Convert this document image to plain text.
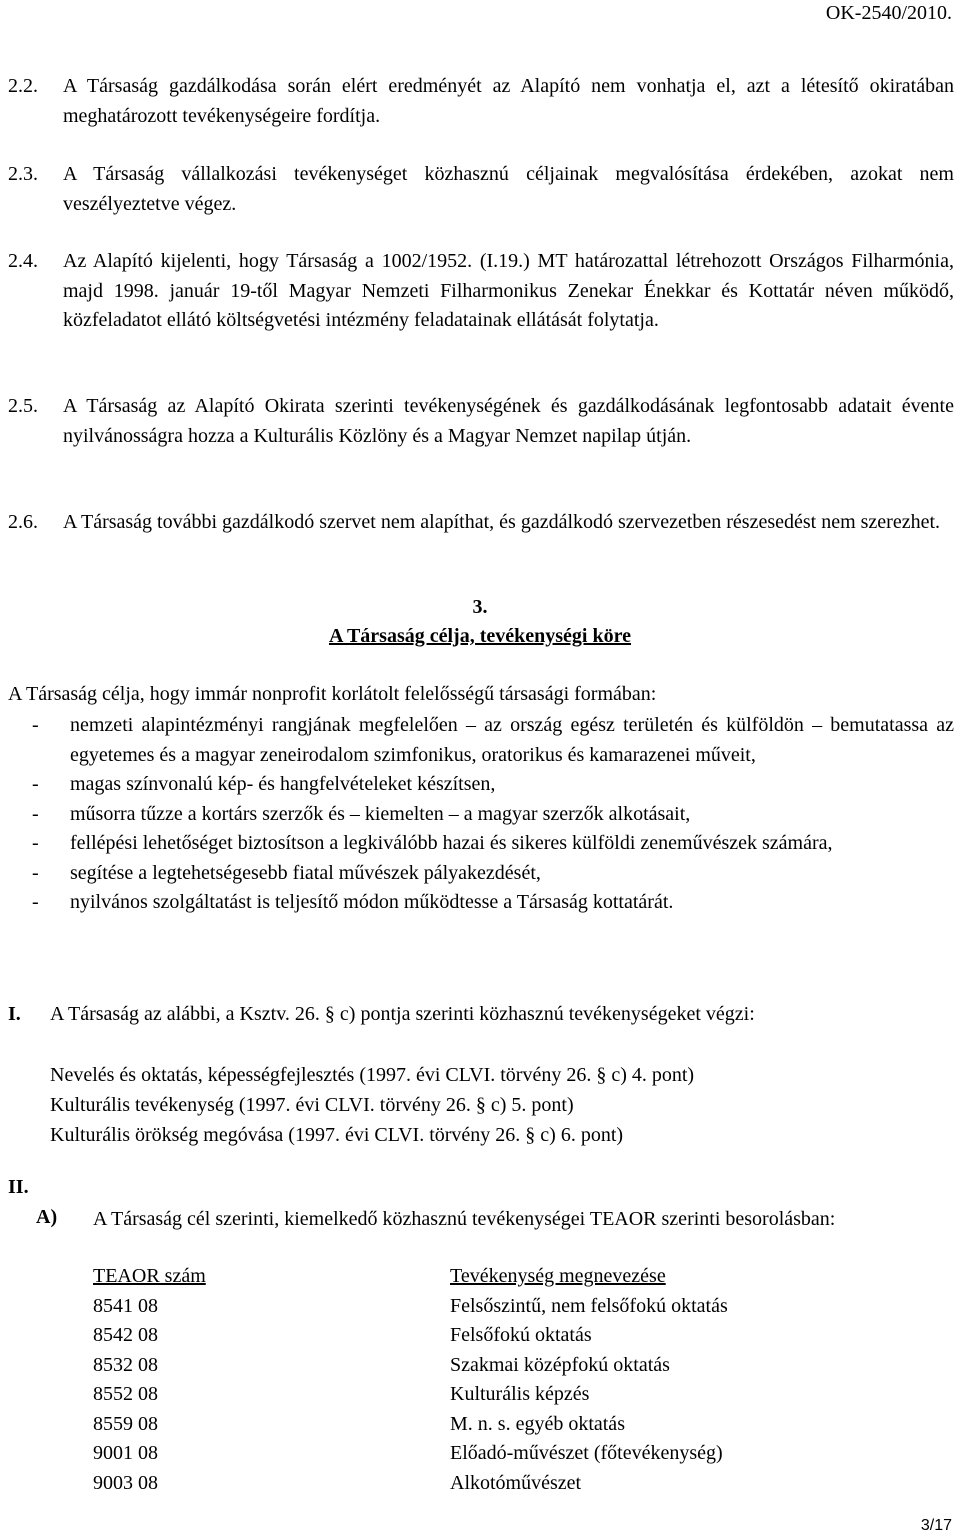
OK-2540/2010.
2.2. A Társaság gazdálkodása során elért eredményét az Alapító nem vonhatja el, azt a létesítő okiratában meghatározott tevékenységeire fordítja.
2.3. A Társaság vállalkozási tevékenységet közhasznú céljainak megvalósítása érdekében, azokat nem veszélyeztetve végez.
2.4. Az Alapító kijelenti, hogy Társaság a 1002/1952. (I.19.) MT határozattal létrehozott Országos Filharmónia, majd 1998. január 19-től Magyar Nemzeti Filharmonikus Zenekar Énekkar és Kottatár néven működő, közfeladatot ellátó költségvetési intézmény feladatainak ellátását folytatja.
2.5. A Társaság az Alapító Okirata szerinti tevékenységének és gazdálkodásának legfontosabb adatait évente nyilvánosságra hozza a Kulturális Közlöny és a Magyar Nemzet napilap útján.
2.6. A Társaság további gazdálkodó szervet nem alapíthat, és gazdálkodó szervezetben részesedést nem szerezhet.
3.
A Társaság célja, tevékenységi köre
A Társaság célja, hogy immár nonprofit korlátolt felelősségű társasági formában:
- nemzeti alapintézményi rangjának megfelelően – az ország egész területén és külföldön – bemutatassa az egyetemes és a magyar zeneirodalom szimfonikus, oratorikus és kamarazenei műveit,
- magas színvonalú kép- és hangfelvételeket készítsen,
- műsorra tűzze a kortárs szerzők és – kiemelten – a magyar szerzők alkotásait,
- fellépési lehetőséget biztosítson a legkiválóbb hazai és sikeres külföldi zeneművészek számára,
- segítése a legtehetségesebb fiatal művészek pályakezdését,
- nyilvános szolgáltatást is teljesítő módon működtesse a Társaság kottatárát.
I. A Társaság az alábbi, a Ksztv. 26. § c) pontja szerinti közhasznú tevékenységeket végzi:
Nevelés és oktatás, képességfejlesztés (1997. évi CLVI. törvény 26. § c) 4. pont)
Kulturális tevékenység (1997. évi CLVI. törvény 26. § c) 5. pont)
Kulturális örökség megóvása (1997. évi CLVI. törvény 26. § c) 6. pont)
II.
A) A Társaság cél szerinti, kiemelkedő közhasznú tevékenységei TEAOR szerinti besorolásban:
TEAOR szám	Tevékenység megnevezése
8541 08	Felsőszintű, nem felsőfokú oktatás
8542 08	Felsőfokú oktatás
8532 08	Szakmai középfokú oktatás
8552 08	Kulturális képzés
8559 08	M. n. s. egyéb oktatás
9001 08	Előadó-művészet (főtevékenység)
9003 08	Alkotóművészet
3/17
